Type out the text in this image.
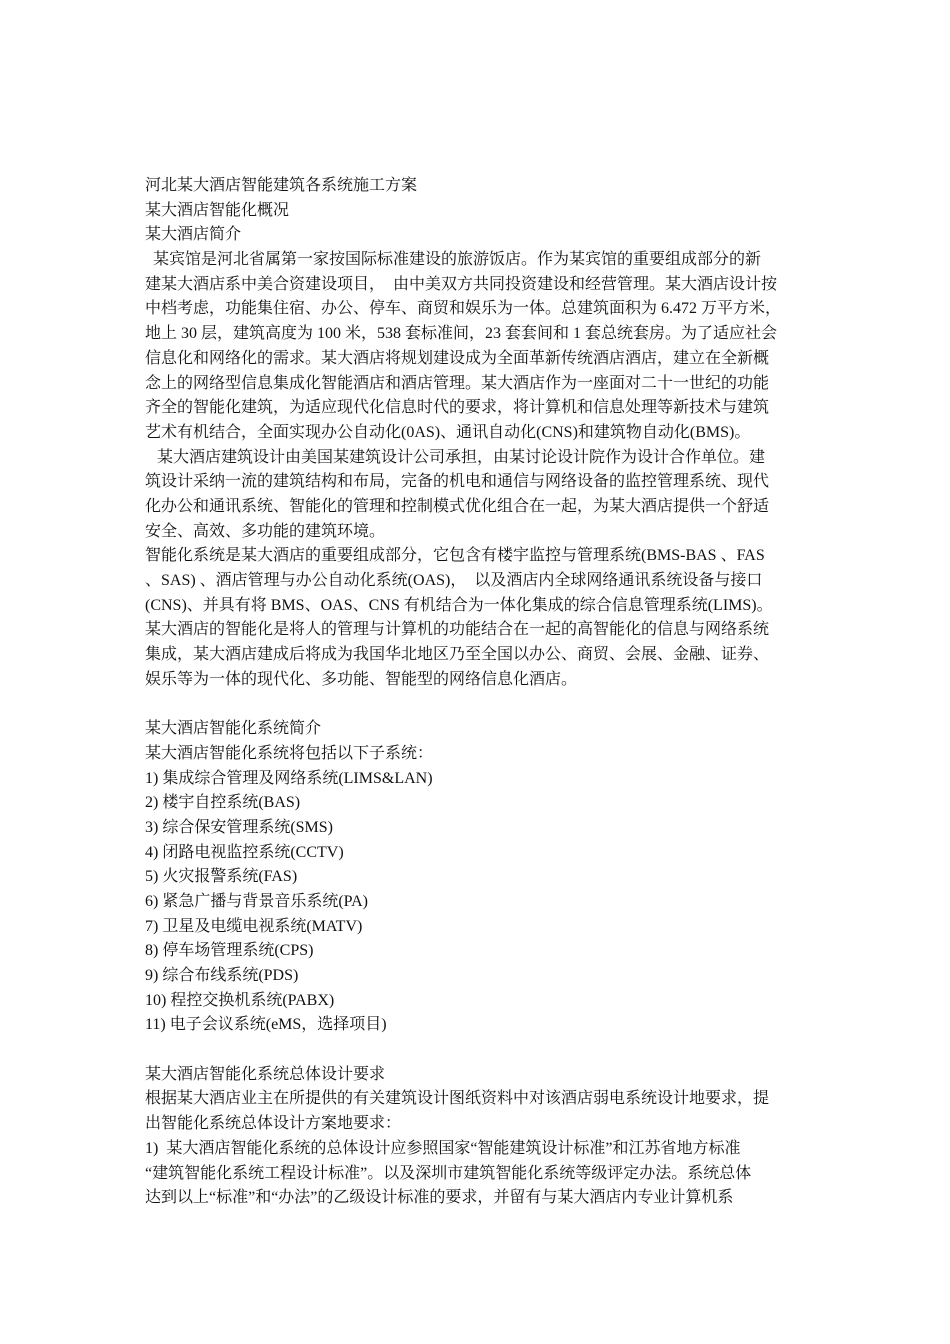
河北某大酒店智能建筑各系统施工方案
某大酒店智能化概况
某大酒店简介
某宾馆是河北省属第一家按国际标准建设的旅游饭店。作为某宾馆的重要组成部分的新
建某大酒店系中美合资建设项目，  由中美双方共同投资建设和经营管理。某大酒店设计按
中档考虑，功能集住宿、办公、停车、商贸和娱乐为一体。总建筑面积为 6.472 万平方米，
地上 30 层，建筑高度为 100 米，538 套标准间，23 套套间和 1 套总统套房。为了适应社会
信息化和网络化的需求。某大酒店将规划建设成为全面革新传统酒店酒店，建立在全新概
念上的网络型信息集成化智能酒店和酒店管理。某大酒店作为一座面对二十一世纪的功能
齐全的智能化建筑，为适应现代化信息时代的要求，将计算机和信息处理等新技术与建筑
艺术有机结合，全面实现办公自动化(0AS)、通讯自动化(CNS)和建筑物自动化(BMS)。
某大酒店建筑设计由美国某建筑设计公司承担，由某讨论设计院作为设计合作单位。建
筑设计采纳一流的建筑结构和布局，完备的机电和通信与网络设备的监控管理系统、现代
化办公和通讯系统、智能化的管理和控制模式优化组合在一起，为某大酒店提供一个舒适
安全、高效、多功能的建筑环境。
智能化系统是某大酒店的重要组成部分，它包含有楼宇监控与管理系统(BMS-BAS 、FAS
、SAS) 、酒店管理与办公自动化系统(OAS)，  以及酒店内全球网络通讯系统设备与接口
(CNS)、并具有将 BMS、OAS、CNS 有机结合为一体化集成的综合信息管理系统(LIMS)。
某大酒店的智能化是将人的管理与计算机的功能结合在一起的高智能化的信息与网络系统
集成，某大酒店建成后将成为我国华北地区乃至全国以办公、商贸、会展、金融、证券、
娱乐等为一体的现代化、多功能、智能型的网络信息化酒店。
某大酒店智能化系统简介
某大酒店智能化系统将包括以下子系统：
1) 集成综合管理及网络系统(LIMS&LAN)
2) 楼宇自控系统(BAS)
3) 综合保安管理系统(SMS)
4) 闭路电视监控系统(CCTV)
5) 火灾报警系统(FAS)
6) 紧急广播与背景音乐系统(PA)
7) 卫星及电缆电视系统(MATV)
8) 停车场管理系统(CPS)
9) 综合布线系统(PDS)
10) 程控交换机系统(PABX)
11) 电子会议系统(eMS，选择项目)
某大酒店智能化系统总体设计要求
根据某大酒店业主在所提供的有关建筑设计图纸资料中对该酒店弱电系统设计地要求，提
出智能化系统总体设计方案地要求：
1)  某大酒店智能化系统的总体设计应参照国家“智能建筑设计标准”和江苏省地方标准
“建筑智能化系统工程设计标准”。以及深圳市建筑智能化系统等级评定办法。系统总体
达到以上“标准”和“办法”的乙级设计标准的要求，并留有与某大酒店内专业计算机系
